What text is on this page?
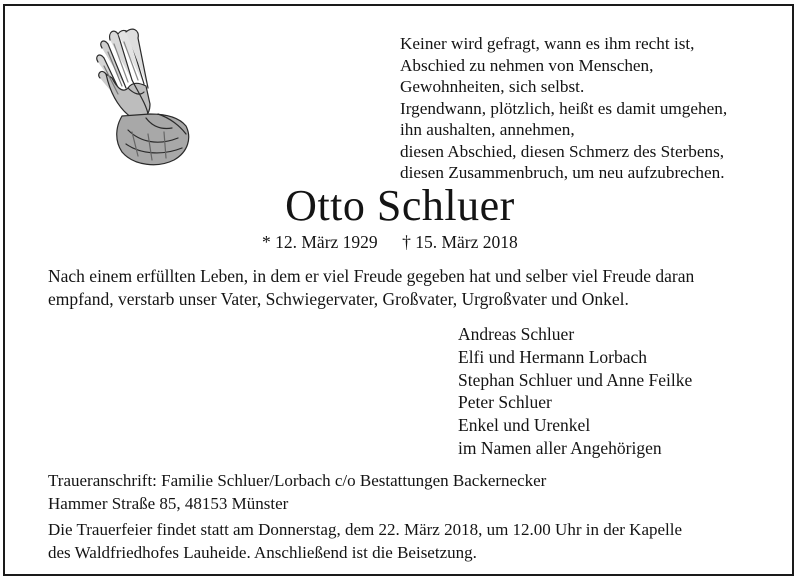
Keiner wird gefragt, wann es ihm recht ist,
Abschied zu nehmen von Menschen,
Gewohnheiten, sich selbst.
Irgendwann, plötzlich, heißt es damit umgehen,
ihn aushalten, annehmen,
diesen Abschied, diesen Schmerz des Sterbens,
diesen Zusammenbruch, um neu aufzubrechen.
Otto Schluer
* 12. März 1929 † 15. März 2018
Nach einem erfüllten Leben, in dem er viel Freude gegeben hat und selber viel Freude daran
empfand, verstarb unser Vater, Schwiegervater, Großvater, Urgroßvater und Onkel.
Andreas Schluer
Elfi und Hermann Lorbach
Stephan Schluer und Anne Feilke
Peter Schluer
Enkel und Urenkel
im Namen aller Angehörigen
Traueranschrift: Familie Schluer/Lorbach c/o Bestattungen Backernecker
Hammer Straße 85, 48153 Münster
Die Trauerfeier findet statt am Donnerstag, dem 22. März 2018, um 12.00 Uhr in der Kapelle
des Waldfriedhofes Lauheide. Anschließend ist die Beisetzung.
